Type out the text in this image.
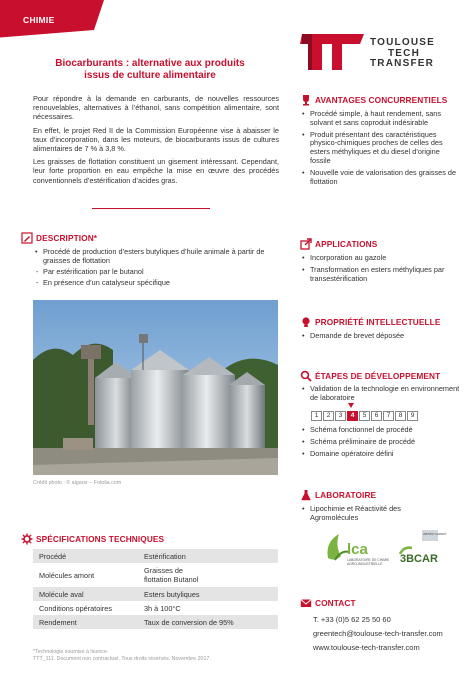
CHIMIE
TOULOUSE
TECH
TRANSFER
Biocarburants : alternative aux produits
issus de culture alimentaire

Pour répondre à la demande en carburants, de nouvelles ressources renouvelables, alternatives à l’éthanol, sans compétition alimentaire, sont nécessaires.

En effet, le projet Red II de la Commission Européenne vise à abaisser le taux d’incorporation, dans les moteurs, de biocarburants issus de cultures alimentaires de 7 % à 3,8 %.

Les graisses de flottation constituent un gisement intéressant. Cependant, leur forte proportion en eau empêche la mise en œuvre des procédés conventionnels d’estérification d’acides gras.

DESCRIPTION*
• Procédé de production d’esters butyliques d’huile animale à partir de graisses de flottation
- Par estérification par le butanol
- En présence d’un catalyseur spécifique
Crédit photo : © aigarsr – Fotolia.com
SPÉCIFICATIONS TECHNIQUES
Procédé	Estérification
Molécules amont	Graisses de flottation Butanol
Molécule aval	Esters butyliques
Conditions opératoires	3h à 100°C
Rendement	Taux de conversion de 95%
*Technologie soumise à licence.
TTT_111. Document non contractuel. Tous droits réservés. Novembre 2017.
AVANTAGES CONCURRENTIELS
• Procédé simple, à haut rendement, sans solvant et sans coproduit indésirable
• Produit présentant des caractéristiques physico-chimiques proches de celles des esters méthyliques et du diesel d’origine fossile
• Nouvelle voie de valorisation des graisses de flottation
APPLICATIONS
• Incorporation au gazole
• Transformation en esters méthyliques par transestérification
PROPRIÉTÉ INTELLECTUELLE
• Demande de brevet déposée
ÉTAPES DE DÉVELOPPEMENT
• Validation de la technologie en environnement de laboratoire
1	2	3	4	5	6	7	8	9
• Schéma fonctionnel de procédé
• Schéma préliminaire de procédé
• Domaine opératoire défini
LABORATOIRE
• Lipochimie et Réactivité des Agromolécules
lca
LABORATOIRE DE CHIMIE
AGRO-INDUSTRIELLE
INSTITUT CARNOT
3BCAR
CONTACT
T. +33 (0)5 62 25 50 60
greentech@toulouse-tech-transfer.com
www.toulouse-tech-transfer.com
